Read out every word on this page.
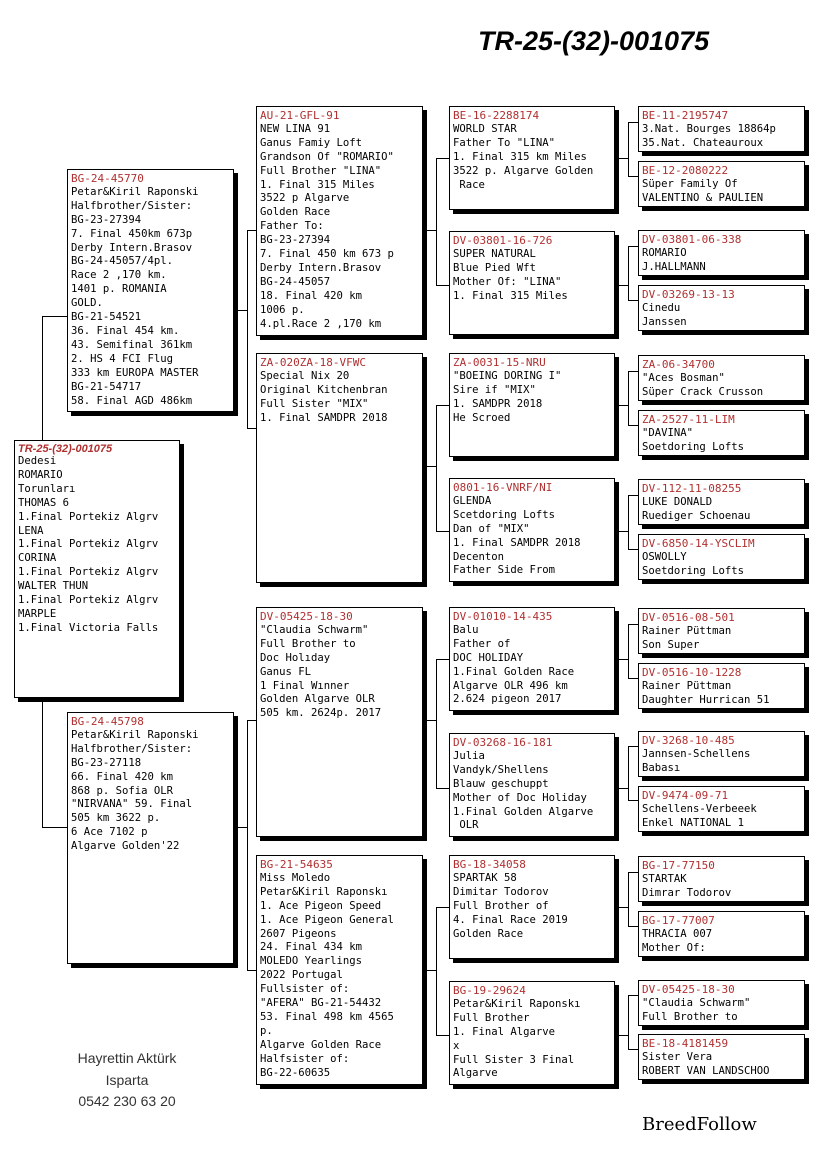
TR-25-(32)-001075
TR-25-(32)-001075
Dedesi
ROMARIO
Torunları
THOMAS 6
1.Final Portekiz Algrv
LENA
1.Final Portekiz Algrv
CORINA
1.Final Portekiz Algrv
WALTER THUN
1.Final Portekiz Algrv
MARPLE
1.Final Victoria Falls
BG-24-45770
Petar&Kiril Raponski
Halfbrother/Sister:
BG-23-27394
7. Final 450km 673p
Derby Intern.Brasov
BG-24-45057/4pl.
Race 2 ,170 km.
1401 p. ROMANIA
GOLD.
BG-21-54521
36. Final 454 km.
43. Semifinal 361km
2. HS 4 FCI Flug
333 km EUROPA MASTER
BG-21-54717
58. Final AGD 486km
BG-24-45798
Petar&Kiril Raponski
Halfbrother/Sister:
BG-23-27118
66. Final 420 km
868 p. Sofia OLR
"NIRVANA" 59. Final
505 km 3622 p.
6 Ace 7102 p
Algarve Golden'22
AU-21-GFL-91
NEW LINA 91
Ganus Famiy Loft
Grandson Of "ROMARIO"
Full Brother "LINA"
1. Final 315 Miles
3522 p Algarve
Golden Race
Father To:
BG-23-27394
7. Final 450 km 673 p
Derby Intern.Brasov
BG-24-45057
18. Final 420 km
1006 p.
4.pl.Race 2 ,170 km
ZA-020ZA-18-VFWC
Special Nix 20
Original Kitchenbran
Full Sister "MIX"
1. Final SAMDPR 2018
DV-05425-18-30
"Claudia Schwarm"
Full Brother to
Doc Holıday
Ganus FL
1 Final Wınner
Golden Algarve OLR
505 km. 2624p. 2017
BG-21-54635
Miss Moledo
Petar&Kiril Raponskı
1. Ace Pigeon Speed
1. Ace Pigeon General
2607 Pigeons
24. Final 434 km
MOLEDO Yearlings
2022 Portugal
Fullsister of:
"AFERA" BG-21-54432
53. Final 498 km 4565
p.
Algarve Golden Race
Halfsister of:
BG-22-60635
BE-16-2288174
WORLD STAR
Father To "LINA"
1. Final 315 km Miles
3522 p. Algarve Golden
Race
DV-03801-16-726
SUPER NATURAL
Blue Pied Wft
Mother Of: "LINA"
1. Final 315 Miles
ZA-0031-15-NRU
"BOEING DORING I"
Sire if "MIX"
1. SAMDPR 2018
He Scroed
0801-16-VNRF/NI
GLENDA
Scetdoring Lofts
Dan of "MIX"
1. Final SAMDPR 2018
Decenton
Father Side From
DV-01010-14-435
Balu
Father of
DOC HOLIDAY
1.Final Golden Race
Algarve OLR 496 km
2.624 pigeon 2017
DV-03268-16-181
Julia
Vandyk/Shellens
Blauw geschuppt
Mother of Doc Holiday
1.Final Golden Algarve
OLR
BG-18-34058
SPARTAK 58
Dimitar Todorov
Full Brother of
4. Final Race 2019
Golden Race
BG-19-29624
Petar&Kiril Raponskı
Full Brother
1. Final Algarve
x
Full Sister 3 Final
Algarve
BE-11-2195747
3.Nat. Bourges 18864p
35.Nat. Chateauroux
BE-12-2080222
Süper Family Of
VALENTINO & PAULIEN
DV-03801-06-338
ROMARIO
J.HALLMANN
DV-03269-13-13
Cinedu
Janssen
ZA-06-34700
"Aces Bosman"
Süper Crack Crusson
ZA-2527-11-LIM
"DAVINA"
Soetdoring Lofts
DV-112-11-08255
LUKE DONALD
Ruediger Schoenau
DV-6850-14-YSCLIM
OSWOLLY
Soetdoring Lofts
DV-0516-08-501
Rainer Püttman
Son Super
DV-0516-10-1228
Rainer Püttman
Daughter Hurrican 51
DV-3268-10-485
Jannsen-Schellens
Babası
DV-9474-09-71
Schellens-Verbeeek
Enkel NATIONAL 1
BG-17-77150
STARTAK
Dimrar Todorov
BG-17-77007
THRACIA 007
Mother Of:
DV-05425-18-30
"Claudia Schwarm"
Full Brother to
BE-18-4181459
Sister Vera
ROBERT VAN LANDSCHOO
Hayrettin Aktürk
Isparta
0542 230 63 20
BreedFollow
